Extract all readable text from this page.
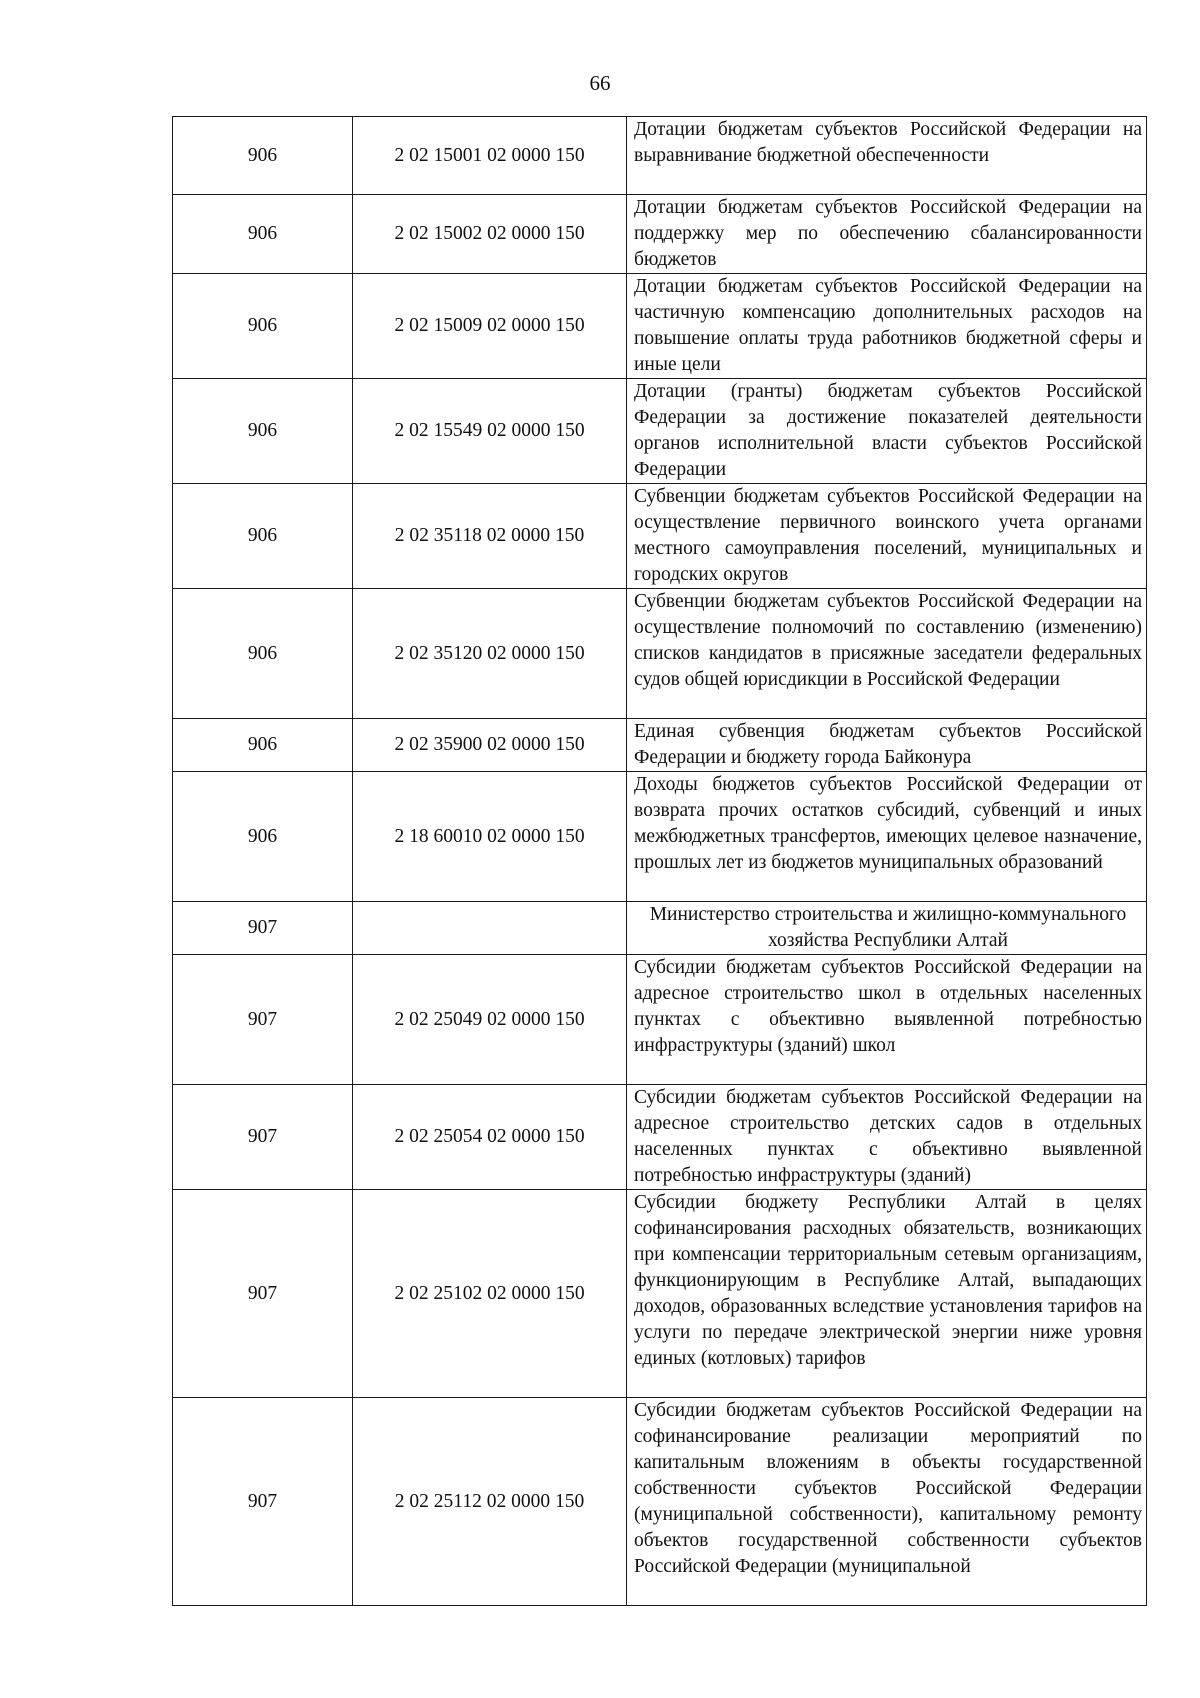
66
906	2 02 15001 02 0000 150	Дотации бюджетам субъектов Российской Федерации на выравнивание бюджетной обеспеченности
906	2 02 15002 02 0000 150	Дотации бюджетам субъектов Российской Федерации на поддержку мер по обеспечению сбалансированности бюджетов
906	2 02 15009 02 0000 150	Дотации бюджетам субъектов Российской Федерации на частичную компенсацию дополнительных расходов на повышение оплаты труда работников бюджетной сферы и иные цели
906	2 02 15549 02 0000 150	Дотации (гранты) бюджетам субъектов Российской Федерации за достижение показателей деятельности органов исполнительной власти субъектов Российской Федерации
906	2 02 35118 02 0000 150	Субвенции бюджетам субъектов Российской Федерации на осуществление первичного воинского учета органами местного самоуправления поселений, муниципальных и городских округов
906	2 02 35120 02 0000 150	Субвенции бюджетам субъектов Российской Федерации на осуществление полномочий по составлению (изменению) списков кандидатов в присяжные заседатели федеральных судов общей юрисдикции в Российской Федерации
906	2 02 35900 02 0000 150	Единая субвенция бюджетам субъектов Российской Федерации и бюджету города Байконура
906	2 18 60010 02 0000 150	Доходы бюджетов субъектов Российской Федерации от возврата прочих остатков субсидий, субвенций и иных межбюджетных трансфертов, имеющих целевое назначение, прошлых лет из бюджетов муниципальных образований
907		Министерство строительства и жилищно-коммунального хозяйства Республики Алтай
907	2 02 25049 02 0000 150	Субсидии бюджетам субъектов Российской Федерации на адресное строительство школ в отдельных населенных пунктах с объективно выявленной потребностью инфраструктуры (зданий) школ
907	2 02 25054 02 0000 150	Субсидии бюджетам субъектов Российской Федерации на адресное строительство детских садов в отдельных населенных пунктах с объективно выявленной потребностью инфраструктуры (зданий)
907	2 02 25102 02 0000 150	Субсидии бюджету Республики Алтай в целях софинансирования расходных обязательств, возникающих при компенсации территориальным сетевым организациям, функционирующим в Республике Алтай, выпадающих доходов, образованных вследствие установления тарифов на услуги по передаче электрической энергии ниже уровня единых (котловых) тарифов
907	2 02 25112 02 0000 150	Субсидии бюджетам субъектов Российской Федерации на софинансирование реализации мероприятий по капитальным вложениям в объекты государственной собственности субъектов Российской Федерации (муниципальной собственности), капитальному ремонту объектов государственной собственности субъектов Российской Федерации (муниципальной
